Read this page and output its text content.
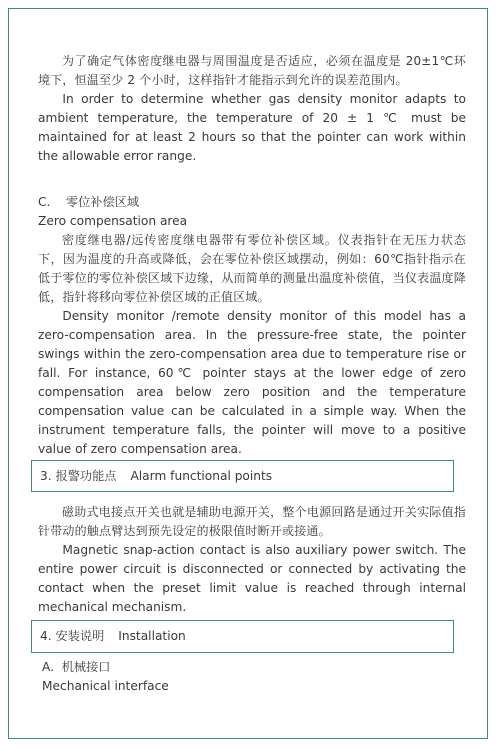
为了确定气体密度继电器与周围温度是否适应，必须在温度是 20±1℃环境下，恒温至少 2 个小时，这样指针才能指示到允许的误差范围内。

In order to determine whether gas density monitor adapts to ambient temperature, the temperature of 20 ± 1 ℃ must be maintained for at least 2 hours so that the pointer can work within the allowable error range.

C. 零位补偿区域

Zero compensation area

密度继电器/远传密度继电器带有零位补偿区域。仪表指针在无压力状态下，因为温度的升高或降低，会在零位补偿区域摆动，例如：60℃指针指示在低于零位的零位补偿区域下边缘，从而简单的测量出温度补偿值，当仪表温度降低，指针将移向零位补偿区域的正值区域。

Density monitor /remote density monitor of this model has a zero-compensation area. In the pressure-free state, the pointer swings within the zero-compensation area due to temperature rise or fall. For instance, 60℃ pointer stays at the lower edge of zero compensation area below zero position and the temperature compensation value can be calculated in a simple way. When the instrument temperature falls, the pointer will move to a positive value of zero compensation area.

3. 报警功能点 Alarm functional points

磁助式电接点开关也就是辅助电源开关，整个电源回路是通过开关实际值指针带动的触点臂达到预先设定的极限值时断开或接通。

Magnetic snap-action contact is also auxiliary power switch. The entire power circuit is disconnected or connected by activating the contact when the preset limit value is reached through internal mechanical mechanism.

4. 安装说明 Installation

A. 机械接口

Mechanical interface
